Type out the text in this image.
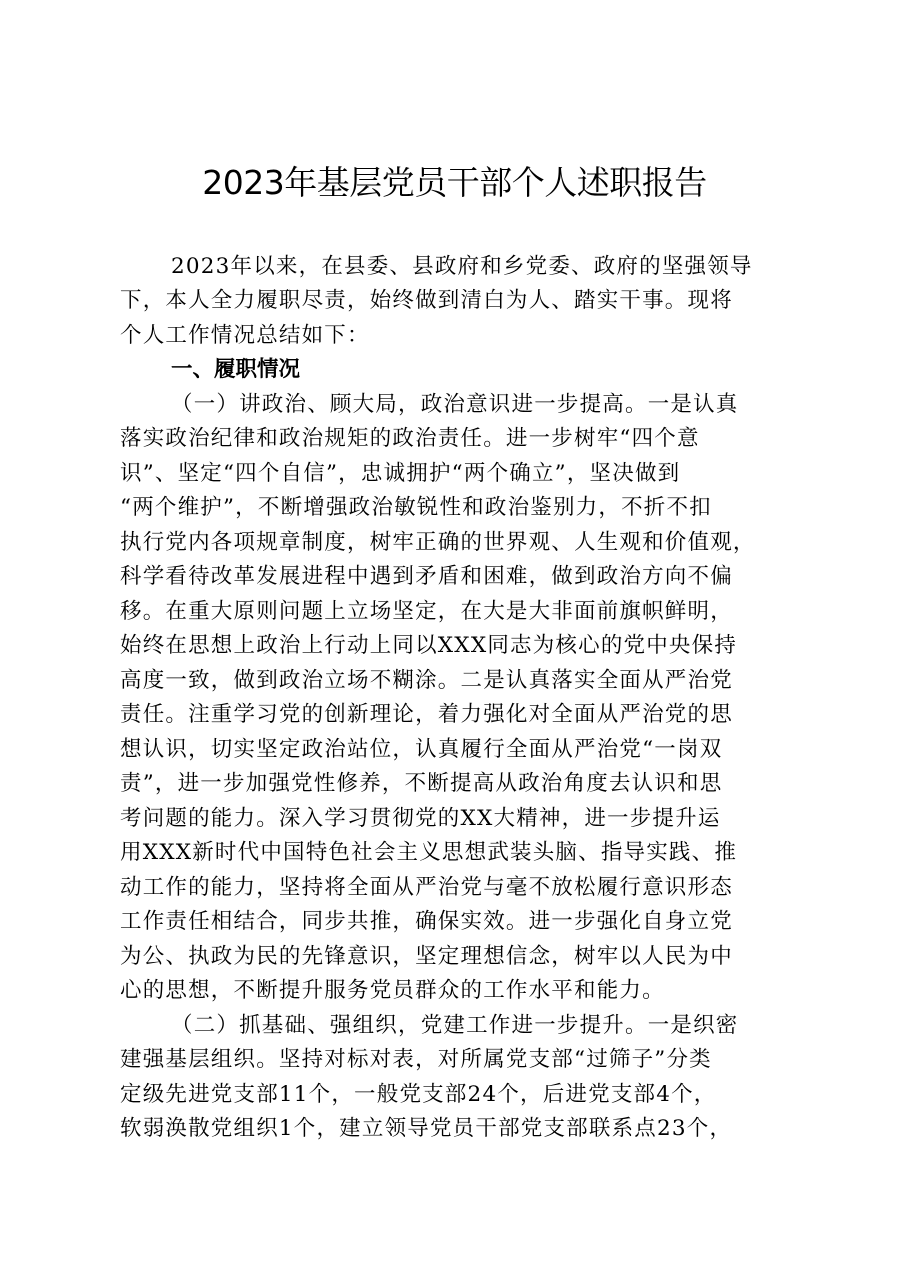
2023年基层党员干部个人述职报告
2023年以来，在县委、县政府和乡党委、政府的坚强领导
下，本人全力履职尽责，始终做到清白为人、踏实干事。现将
个人工作情况总结如下：
一、履职情况
（一）讲政治、顾大局，政治意识进一步提高。一是认真
落实政治纪律和政治规矩的政治责任。进一步树牢“四个意
识”、坚定“四个自信”，忠诚拥护“两个确立”，坚决做到
“两个维护”，不断增强政治敏锐性和政治鉴别力，不折不扣
执行党内各项规章制度，树牢正确的世界观、人生观和价值观，
科学看待改革发展进程中遇到矛盾和困难，做到政治方向不偏
移。在重大原则问题上立场坚定，在大是大非面前旗帜鲜明，
始终在思想上政治上行动上同以XXX同志为核心的党中央保持
高度一致，做到政治立场不糊涂。二是认真落实全面从严治党
责任。注重学习党的创新理论，着力强化对全面从严治党的思
想认识，切实坚定政治站位，认真履行全面从严治党“一岗双
责”，进一步加强党性修养，不断提高从政治角度去认识和思
考问题的能力。深入学习贯彻党的XX大精神，进一步提升运
用XXX新时代中国特色社会主义思想武装头脑、指导实践、推
动工作的能力，坚持将全面从严治党与毫不放松履行意识形态
工作责任相结合，同步共推，确保实效。进一步强化自身立党
为公、执政为民的先锋意识，坚定理想信念，树牢以人民为中
心的思想，不断提升服务党员群众的工作水平和能力。
（二）抓基础、强组织，党建工作进一步提升。一是织密
建强基层组织。坚持对标对表，对所属党支部“过筛子”分类
定级先进党支部11个，一般党支部24个，后进党支部4个，
软弱涣散党组织1个，建立领导党员干部党支部联系点23个，
